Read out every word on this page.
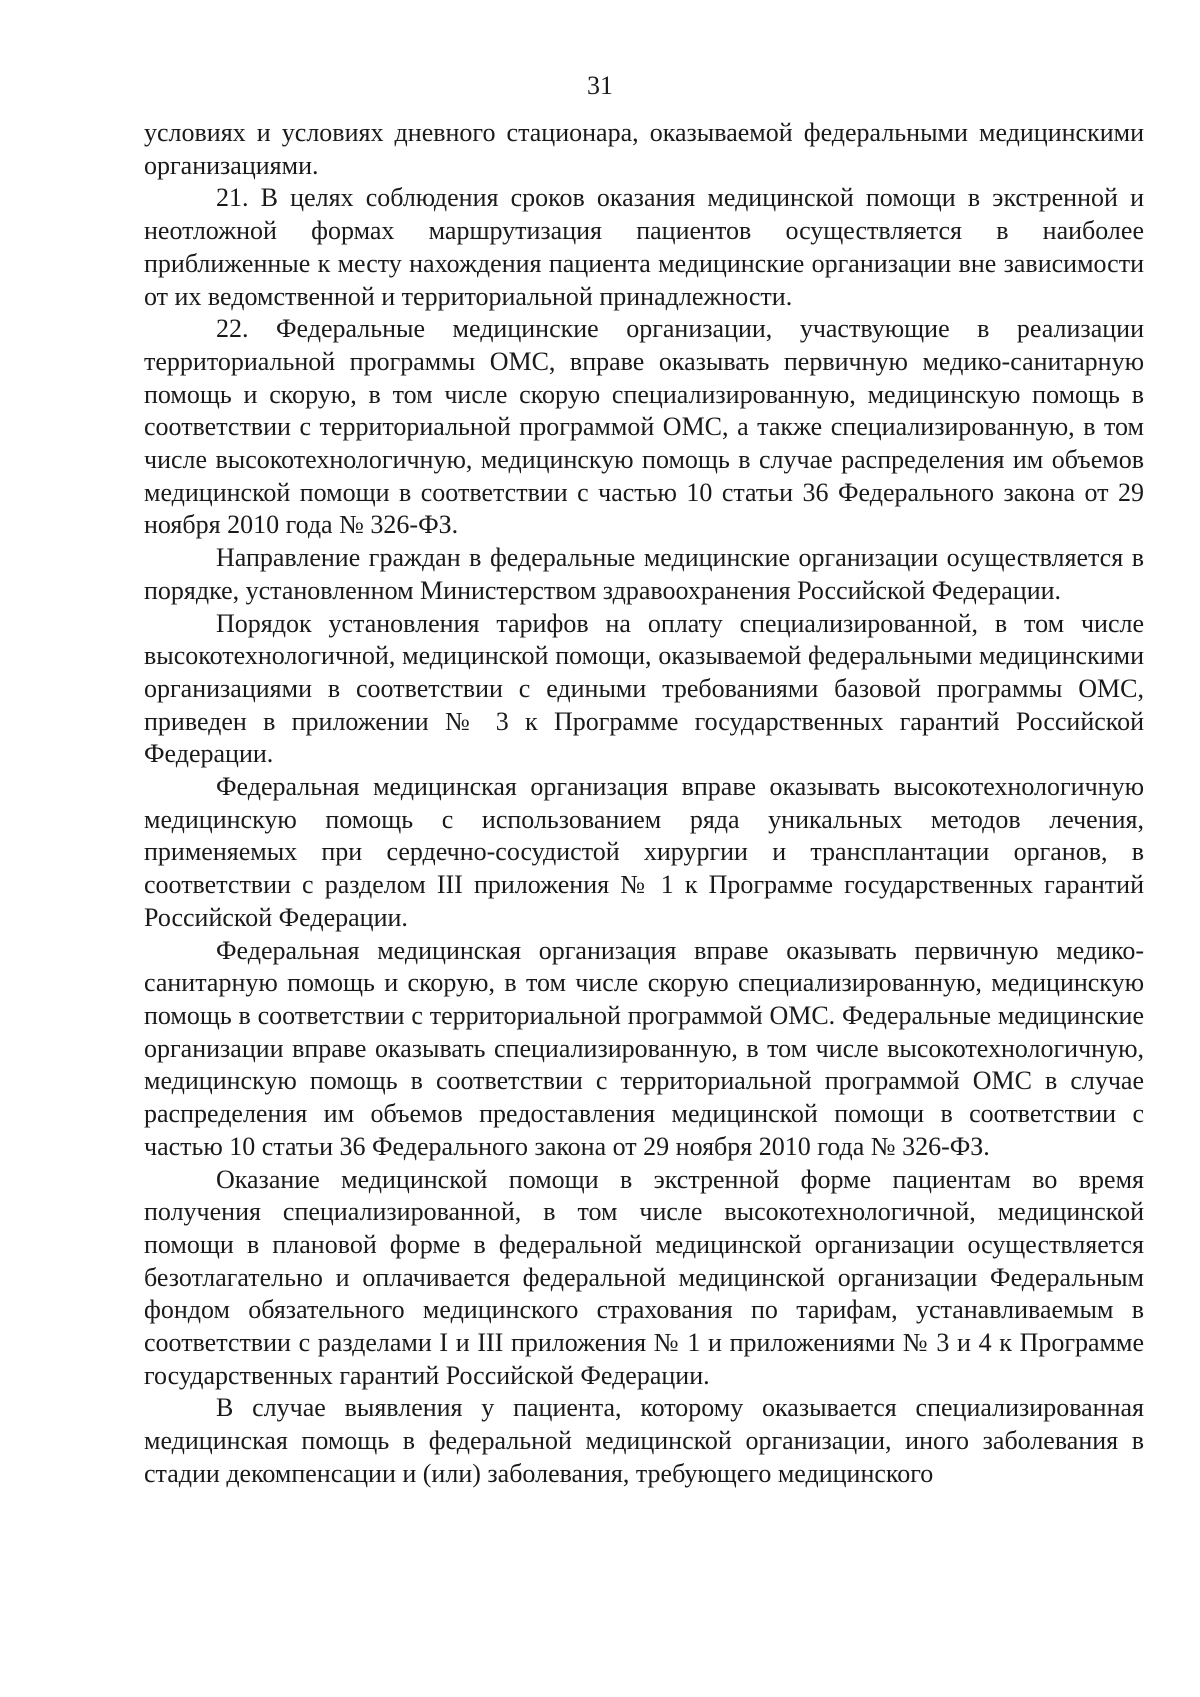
31

условиях и условиях дневного стационара, оказываемой федеральными медицинскими организациями.

21. В целях соблюдения сроков оказания медицинской помощи в экстренной и неотложной формах маршрутизация пациентов осуществляется в наиболее приближенные к месту нахождения пациента медицинские организации вне зависимости от их ведомственной и территориальной принадлежности.

22. Федеральные медицинские организации, участвующие в реализации территориальной программы ОМС, вправе оказывать первичную медико-санитарную помощь и скорую, в том числе скорую специализированную, медицинскую помощь в соответствии с территориальной программой ОМС, а также специализированную, в том числе высокотехнологичную, медицинскую помощь в случае распределения им объемов медицинской помощи в соответствии с частью 10 статьи 36 Федерального закона от 29 ноября 2010 года № 326-ФЗ.

Направление граждан в федеральные медицинские организации осуществляется в порядке, установленном Министерством здравоохранения Российской Федерации.

Порядок установления тарифов на оплату специализированной, в том числе высокотехнологичной, медицинской помощи, оказываемой федеральными медицинскими организациями в соответствии с едиными требованиями базовой программы ОМС, приведен в приложении № 3 к Программе государственных гарантий Российской Федерации.

Федеральная медицинская организация вправе оказывать высокотехнологичную медицинскую помощь с использованием ряда уникальных методов лечения, применяемых при сердечно-сосудистой хирургии и трансплантации органов, в соответствии с разделом III приложения № 1 к Программе государственных гарантий Российской Федерации.

Федеральная медицинская организация вправе оказывать первичную медико-санитарную помощь и скорую, в том числе скорую специализированную, медицинскую помощь в соответствии с территориальной программой ОМС. Федеральные медицинские организации вправе оказывать специализированную, в том числе высокотехнологичную, медицинскую помощь в соответствии с территориальной программой ОМС в случае распределения им объемов предоставления медицинской помощи в соответствии с частью 10 статьи 36 Федерального закона от 29 ноября 2010 года № 326-ФЗ.

Оказание медицинской помощи в экстренной форме пациентам во время получения специализированной, в том числе высокотехнологичной, медицинской помощи в плановой форме в федеральной медицинской организации осуществляется безотлагательно и оплачивается федеральной медицинской организации Федеральным фондом обязательного медицинского страхования по тарифам, устанавливаемым в соответствии с разделами I и III приложения № 1 и приложениями № 3 и 4 к Программе государственных гарантий Российской Федерации.

В случае выявления у пациента, которому оказывается специализированная медицинская помощь в федеральной медицинской организации, иного заболевания в стадии декомпенсации и (или) заболевания, требующего медицинского
